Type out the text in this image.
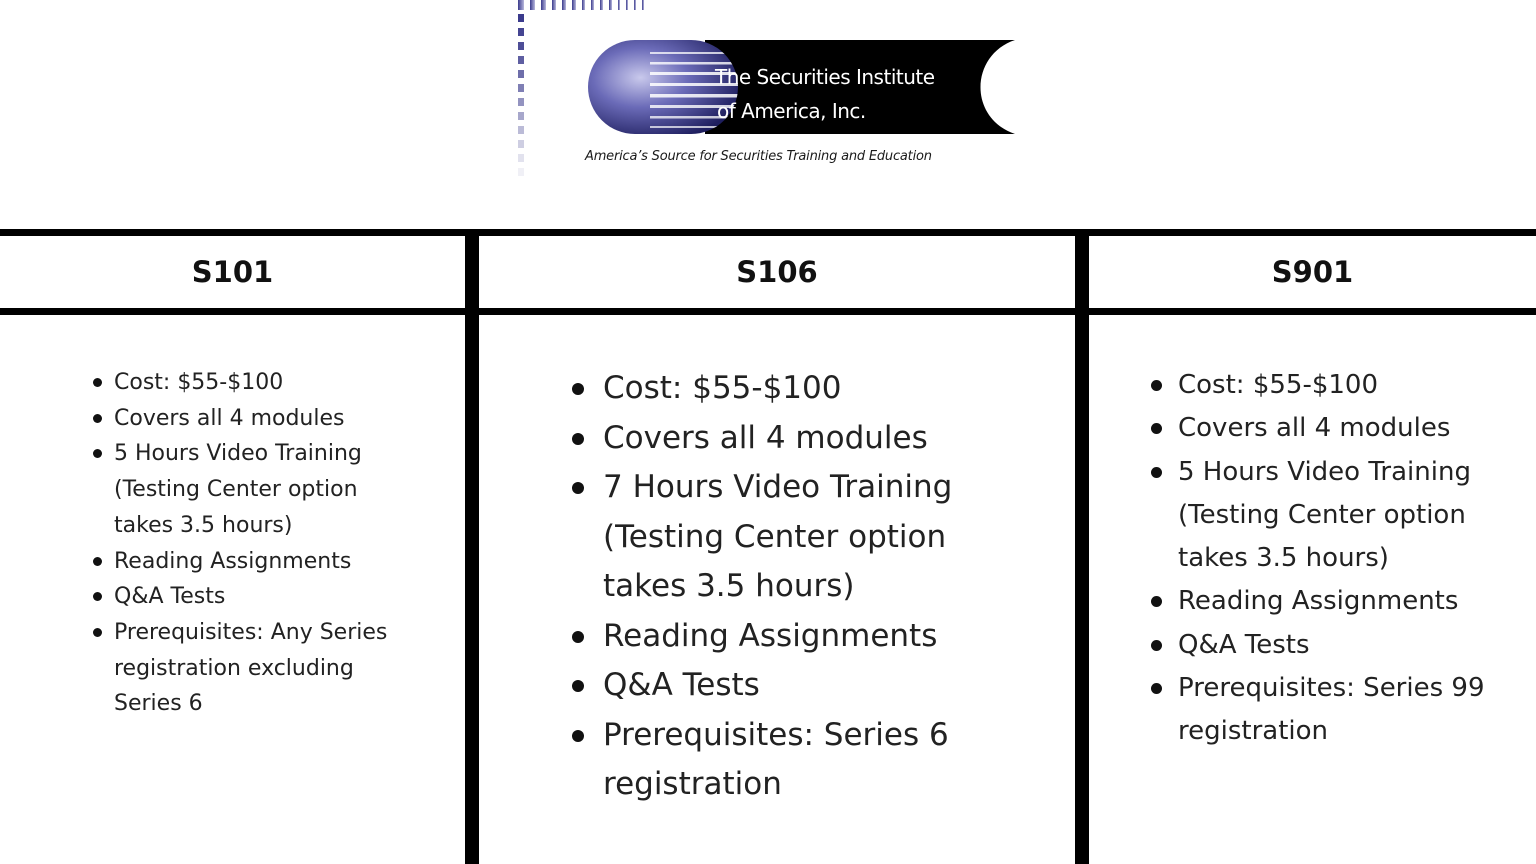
The Securities Institute
of America, Inc.
America’s Source for Securities Training and Education
S101	S106	S901
Cost: $55-$100
Covers all 4 modules
5 Hours Video Training (Testing Center option takes 3.5 hours)
Reading Assignments
Q&A Tests
Prerequisites: Any Series registration excluding Series 6
Cost: $55-$100
Covers all 4 modules
7 Hours Video Training (Testing Center option takes 3.5 hours)
Reading Assignments
Q&A Tests
Prerequisites: Series 6 registration
Cost: $55-$100
Covers all 4 modules
5 Hours Video Training (Testing Center option takes 3.5 hours)
Reading Assignments
Q&A Tests
Prerequisites: Series 99 registration
